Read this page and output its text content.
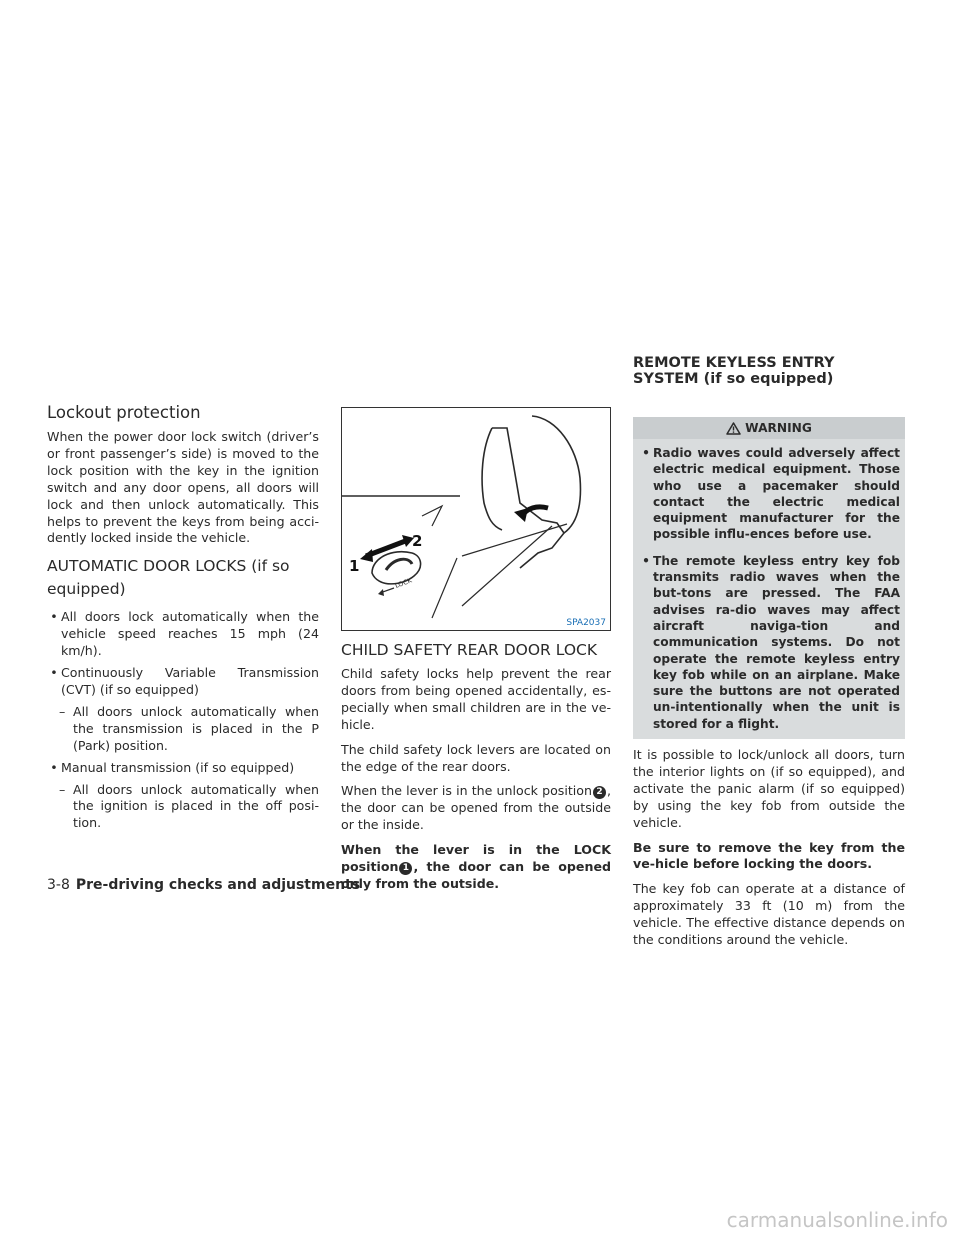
Lockout protection

When the power door lock switch (driver’s or front passenger’s side) is moved to the lock position with the key in the ignition switch and any door opens, all doors will lock and then unlock automatically. This helps to prevent the keys from being acci-dently locked inside the vehicle.

AUTOMATIC DOOR LOCKS (if so equipped)
• All doors lock automatically when the vehicle speed reaches 15 mph (24 km/h).
• Continuously Variable Transmission (CVT) (if so equipped)
– All doors unlock automatically when the transmission is placed in the P (Park) position.
• Manual transmission (if so equipped)
– All doors unlock automatically when the ignition is placed in the off posi-tion.
LOCK
1
2
SPA2037
CHILD SAFETY REAR DOOR LOCK

Child safety locks help prevent the rear doors from being opened accidentally, es-pecially when small children are in the ve-hicle.

The child safety lock levers are located on the edge of the rear doors.

When the lever is in the unlock position 2 , the door can be opened from the outside or the inside.

When the lever is in the LOCK position 1 , the door can be opened only from the outside.

REMOTE KEYLESS ENTRY SYSTEM (if so equipped)
WARNING
• Radio waves could adversely affect electric medical equipment. Those who use a pacemaker should contact the electric medical equipment manufacturer for the possible influ-ences before use.
• The remote keyless entry key fob transmits radio waves when the but-tons are pressed. The FAA advises ra-dio waves may affect aircraft naviga-tion and communication systems. Do not operate the remote keyless entry key fob while on an airplane. Make sure the buttons are not operated un-intentionally when the unit is stored for a flight.

It is possible to lock/unlock all doors, turn the interior lights on (if so equipped), and activate the panic alarm (if so equipped) by using the key fob from outside the vehicle.

Be sure to remove the key from the ve-hicle before locking the doors.

The key fob can operate at a distance of approximately 33 ft (10 m) from the vehicle. The effective distance depends on the conditions around the vehicle.

3-8 Pre-driving checks and adjustments
carmanualsonline.info
